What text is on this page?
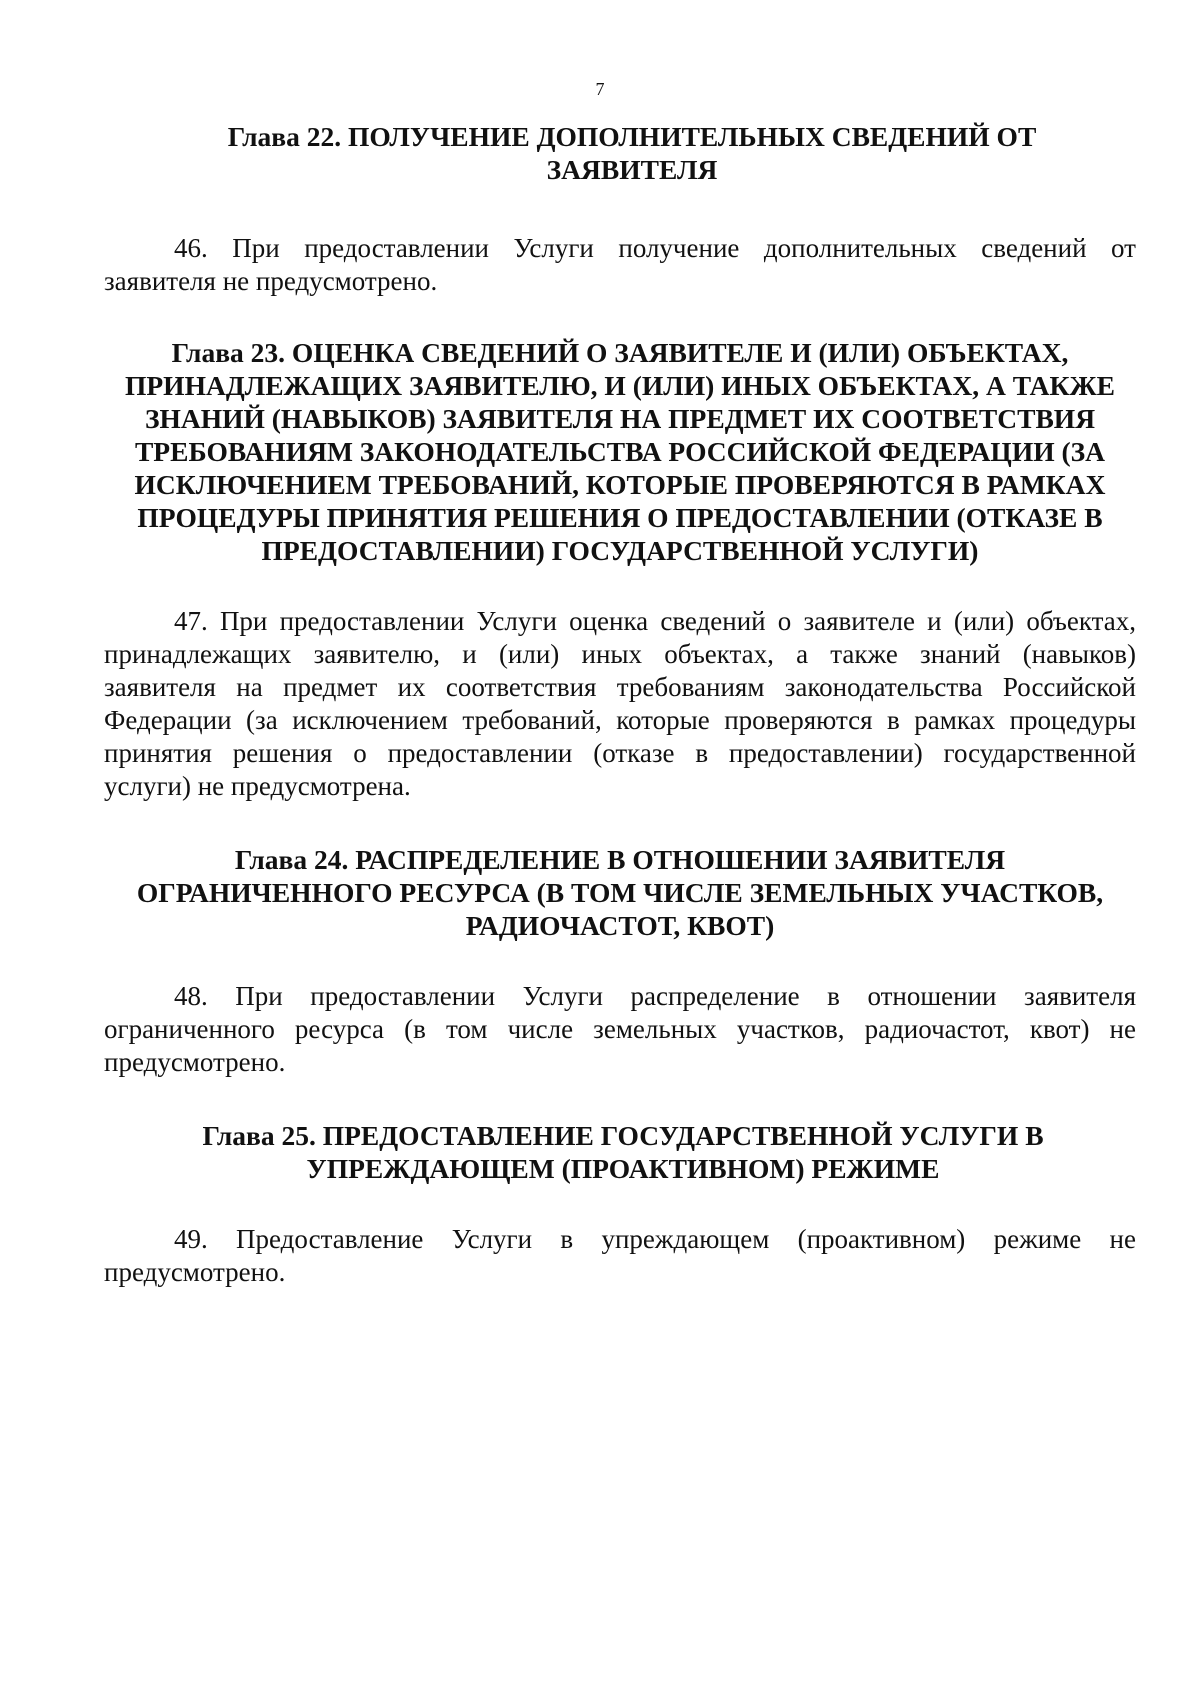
7
Глава 22. ПОЛУЧЕНИЕ ДОПОЛНИТЕЛЬНЫХ СВЕДЕНИЙ ОТ
ЗАЯВИТЕЛЯ

46. При предоставлении Услуги получение дополнительных сведений от
заявителя не предусмотрено.

Глава 23. ОЦЕНКА СВЕДЕНИЙ О ЗАЯВИТЕЛЕ И (ИЛИ) ОБЪЕКТАХ,
ПРИНАДЛЕЖАЩИХ ЗАЯВИТЕЛЮ, И (ИЛИ) ИНЫХ ОБЪЕКТАХ, А ТАКЖЕ
ЗНАНИЙ (НАВЫКОВ) ЗАЯВИТЕЛЯ НА ПРЕДМЕТ ИХ СООТВЕТСТВИЯ
ТРЕБОВАНИЯМ ЗАКОНОДАТЕЛЬСТВА РОССИЙСКОЙ ФЕДЕРАЦИИ (ЗА
ИСКЛЮЧЕНИЕМ ТРЕБОВАНИЙ, КОТОРЫЕ ПРОВЕРЯЮТСЯ В РАМКАХ
ПРОЦЕДУРЫ ПРИНЯТИЯ РЕШЕНИЯ О ПРЕДОСТАВЛЕНИИ (ОТКАЗЕ В
ПРЕДОСТАВЛЕНИИ) ГОСУДАРСТВЕННОЙ УСЛУГИ)

47. При предоставлении Услуги оценка сведений о заявителе и (или) объектах,
принадлежащих заявителю, и (или) иных объектах, а также знаний (навыков)
заявителя на предмет их соответствия требованиям законодательства Российской
Федерации (за исключением требований, которые проверяются в рамках процедуры
принятия решения о предоставлении (отказе в предоставлении) государственной
услуги) не предусмотрена.

Глава 24. РАСПРЕДЕЛЕНИЕ В ОТНОШЕНИИ ЗАЯВИТЕЛЯ
ОГРАНИЧЕННОГО РЕСУРСА (В ТОМ ЧИСЛЕ ЗЕМЕЛЬНЫХ УЧАСТКОВ,
РАДИОЧАСТОТ, КВОТ)

48. При предоставлении Услуги распределение в отношении заявителя
ограниченного ресурса (в том числе земельных участков, радиочастот, квот) не
предусмотрено.

Глава 25. ПРЕДОСТАВЛЕНИЕ ГОСУДАРСТВЕННОЙ УСЛУГИ В
УПРЕЖДАЮЩЕМ (ПРОАКТИВНОМ) РЕЖИМЕ

49. Предоставление Услуги в упреждающем (проактивном) режиме не
предусмотрено.
